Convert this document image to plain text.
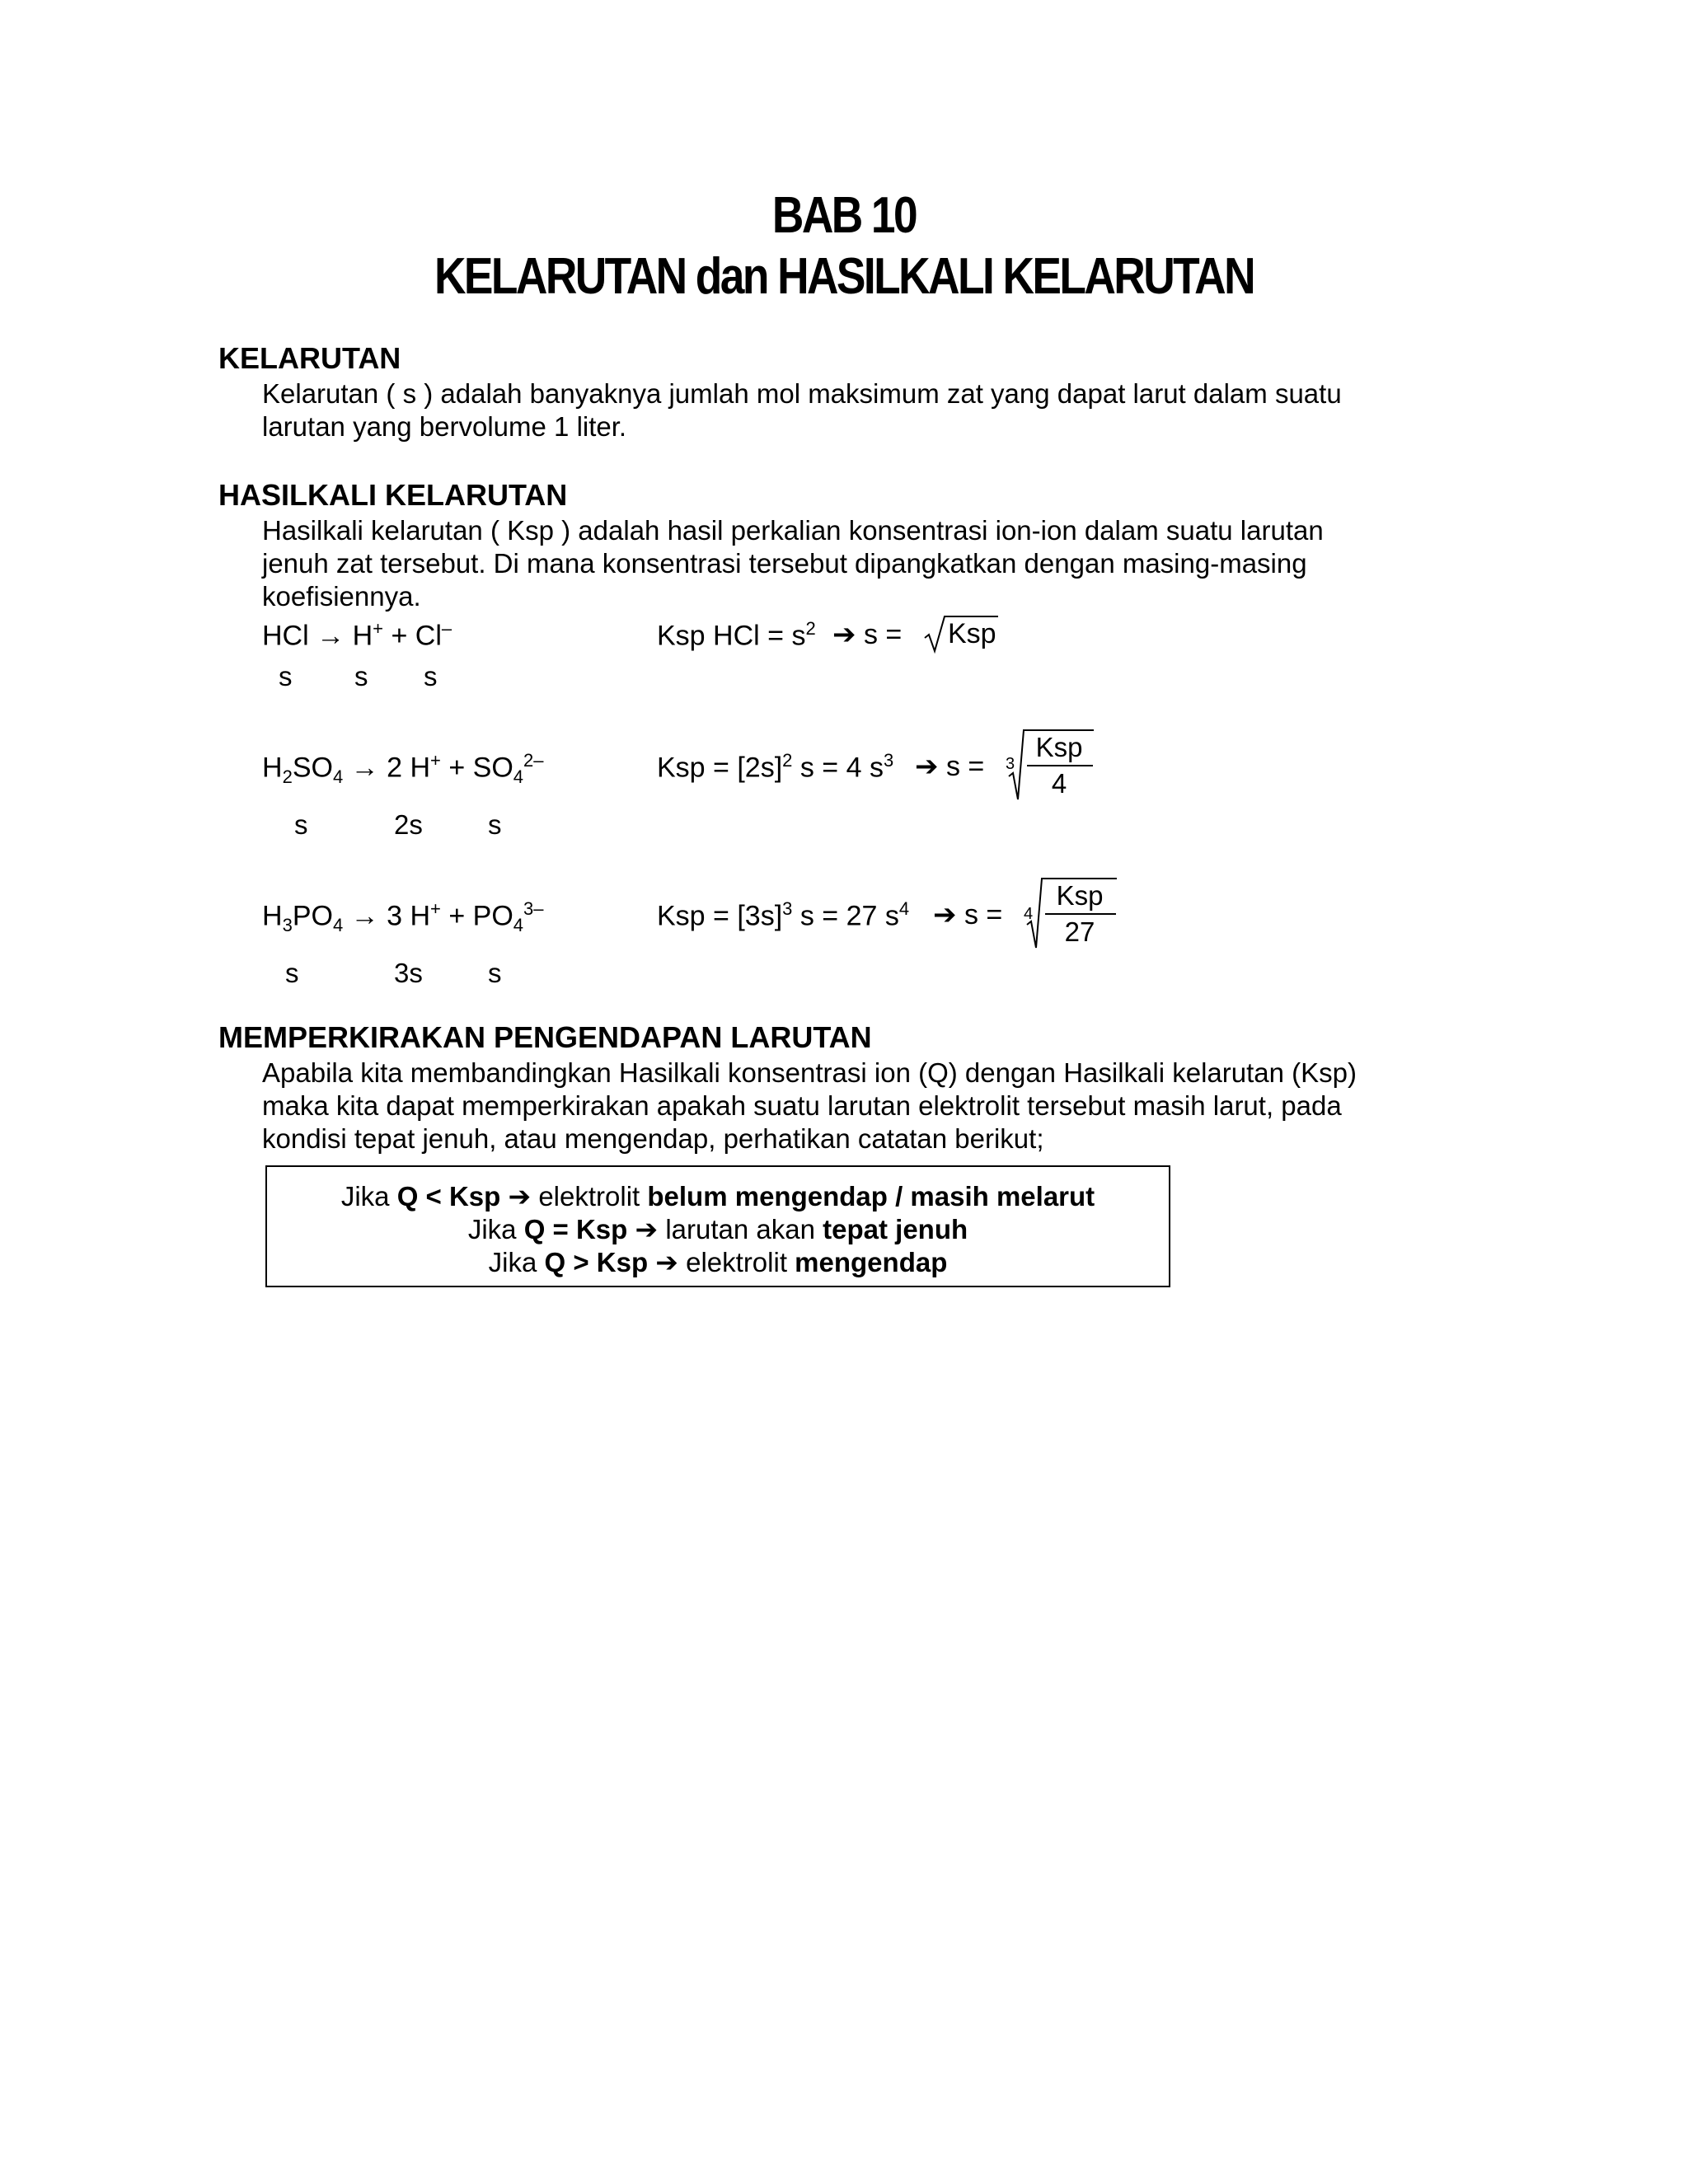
BAB 10
KELARUTAN dan HASILKALI KELARUTAN
KELARUTAN
Kelarutan ( s ) adalah banyaknya jumlah mol maksimum zat yang dapat larut dalam suatu
larutan yang bervolume 1 liter.
HASILKALI KELARUTAN
Hasilkali kelarutan ( Ksp ) adalah hasil perkalian konsentrasi ion-ion dalam suatu larutan
jenuh zat tersebut. Di mana konsentrasi tersebut dipangkatkan dengan masing-masing
koefisiennya.
HCl → H+ + Cl–
s s s
Ksp HCl = $s^2$ ➔ s = Ksp
$H_2SO_4 \to 2$ $H^+ + SO_4^{2-}$
s	2s s
Ksp = $[2s]^2$ s = 4 $s^3$ ➔ s = 3
Ksp
4
$H_3PO_4 \to 3$ $H^+ + PO_4^{3-}$
s	3s s
Ksp = $[3s]^3$ s = 27 $s^4$ ➔ s = 4
Ksp
27
MEMPERKIRAKAN PENGENDAPAN LARUTAN
Apabila kita membandingkan Hasilkali konsentrasi ion (Q) dengan Hasilkali kelarutan (Ksp)
maka kita dapat memperkirakan apakah suatu larutan elektrolit tersebut masih larut, pada
kondisi tepat jenuh, atau mengendap, perhatikan catatan berikut;
Jika Q < Ksp ➔ elektrolit belum mengendap / masih melarut
Jika Q = Ksp ➔ larutan akan tepat jenuh
Jika Q > Ksp ➔ elektrolit mengendap
